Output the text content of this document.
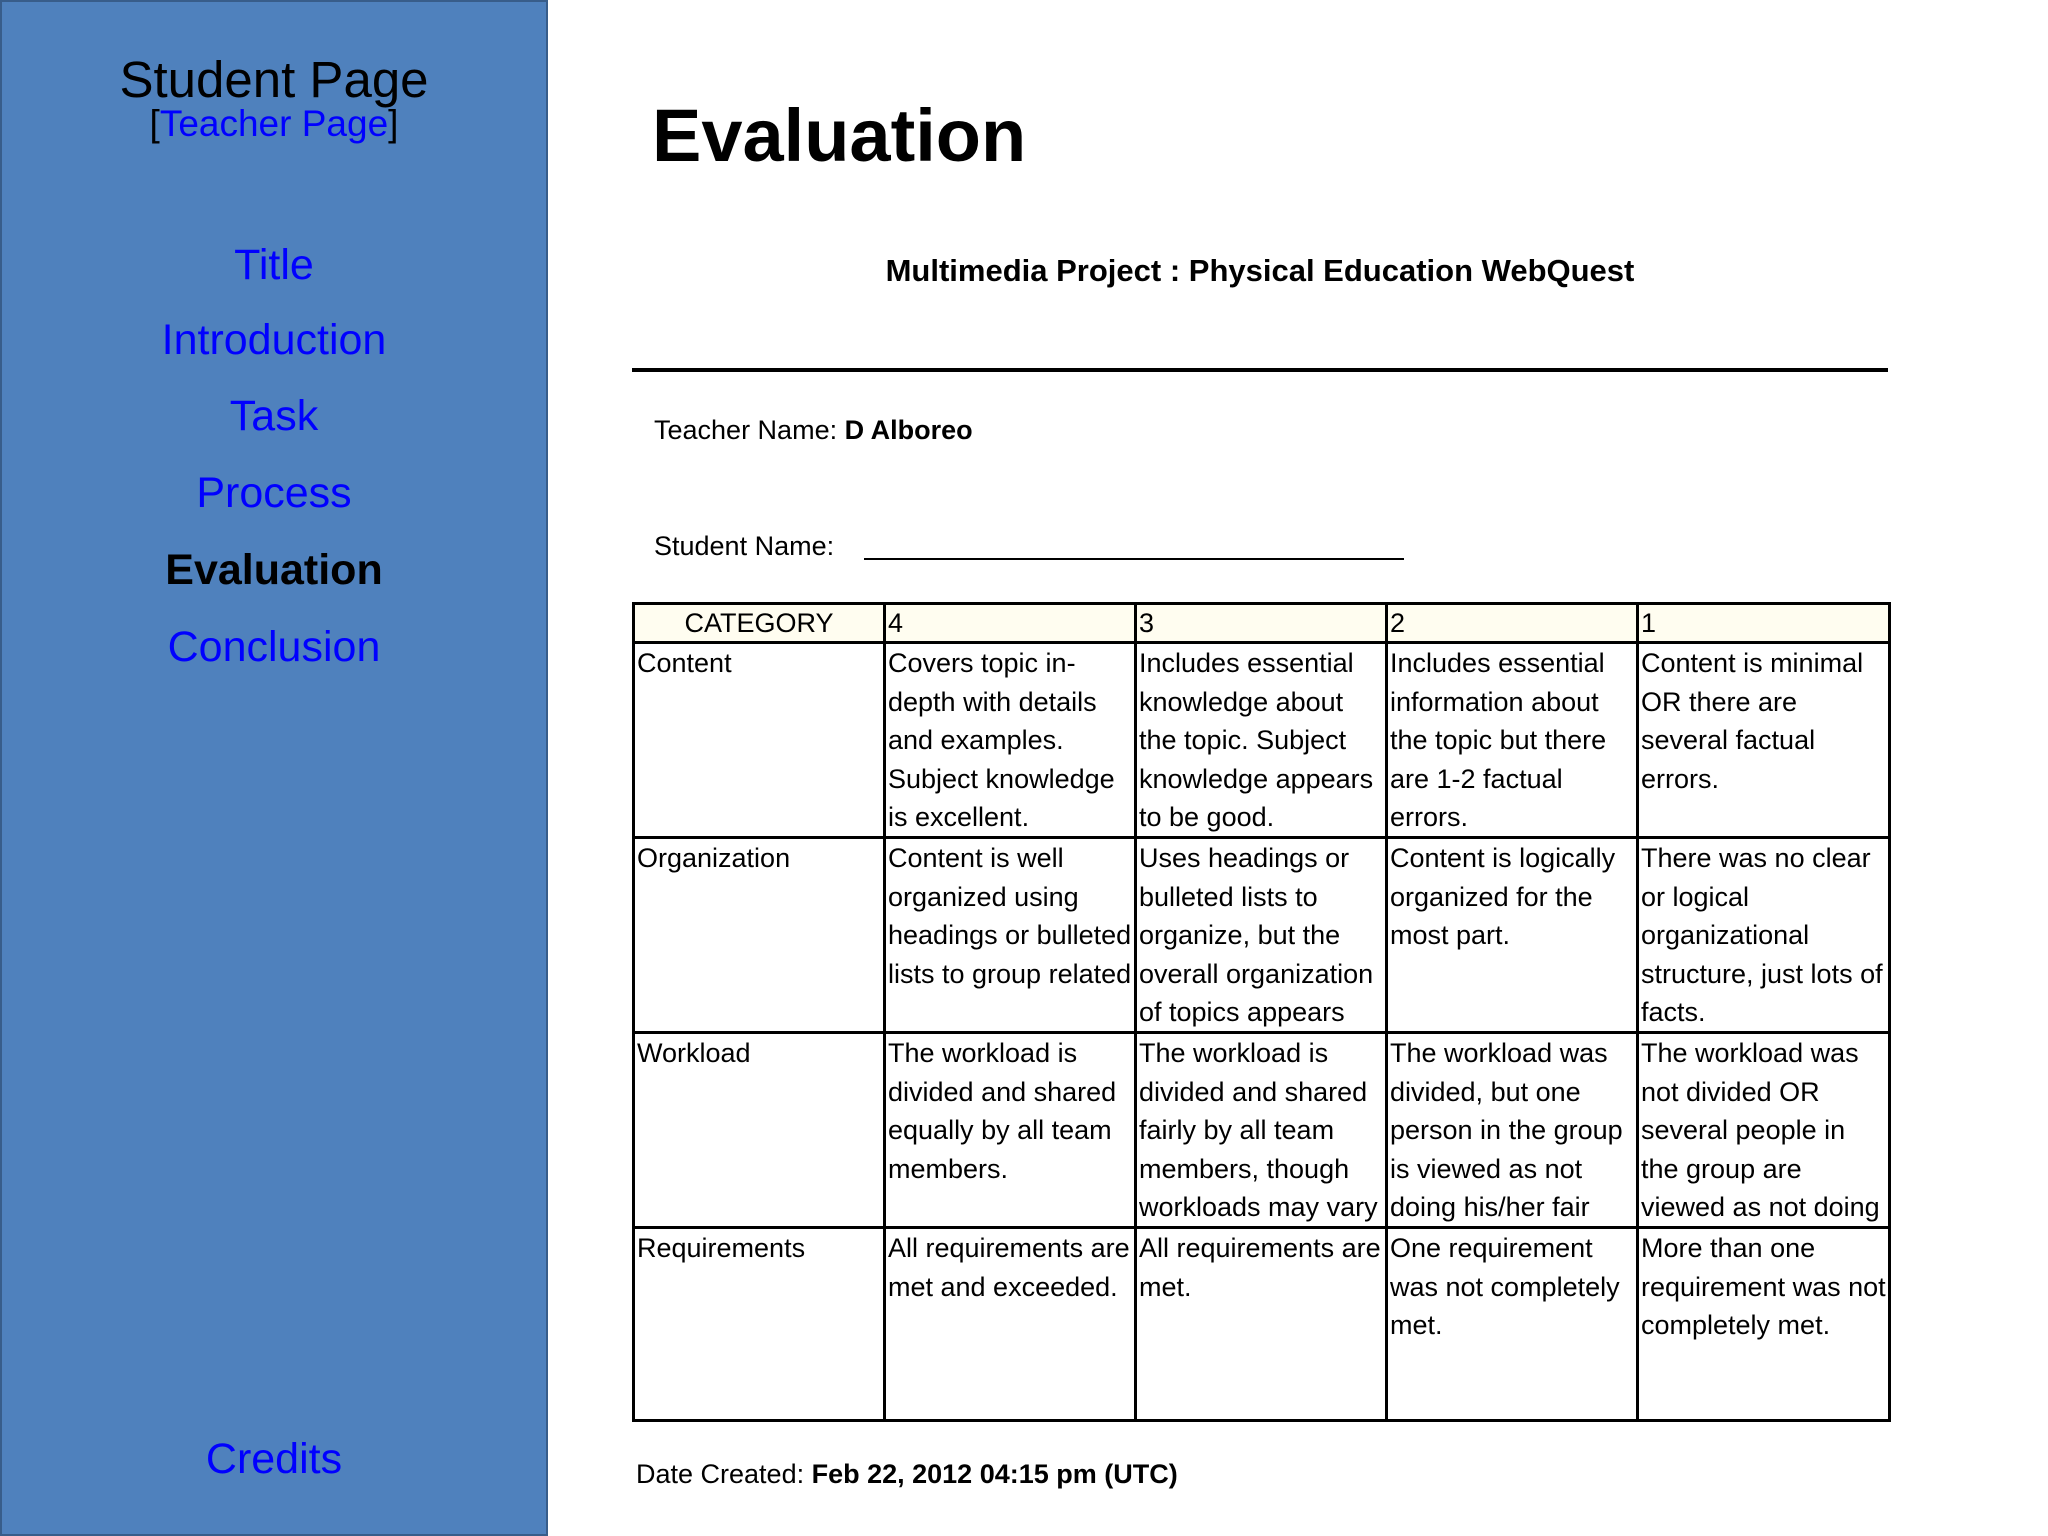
Student Page
[Teacher Page]
Title
Introduction
Task
Process
Evaluation
Conclusion
Credits
Evaluation
Multimedia Project : Physical Education WebQuest
Teacher Name: D Alboreo
Student Name:
CATEGORY	4	3	2	1

Content	Covers topic in-depth with details and examples. Subject knowledge is excellent.	Includes essential knowledge about the topic. Subject knowledge appears to be good.	Includes essential information about the topic but there are 1-2 factual errors.	Content is minimal OR there are several factual errors.

Organization	Content is well organized using headings or bulleted lists to group related	Uses headings or bulleted lists to organize, but the overall organization of topics appears	Content is logically organized for the most part.	There was no clear or logical organizational structure, just lots of facts.

Workload	The workload is divided and shared equally by all team members.	The workload is divided and shared fairly by all team members, though workloads may vary	The workload was divided, but one person in the group is viewed as not doing his/her fair	The workload was not divided OR several people in the group are viewed as not doing

Requirements	All requirements are met and exceeded.	All requirements are met.	One requirement was not completely met.	More than one requirement was not completely met.
Date Created: Feb 22, 2012 04:15 pm (UTC)
